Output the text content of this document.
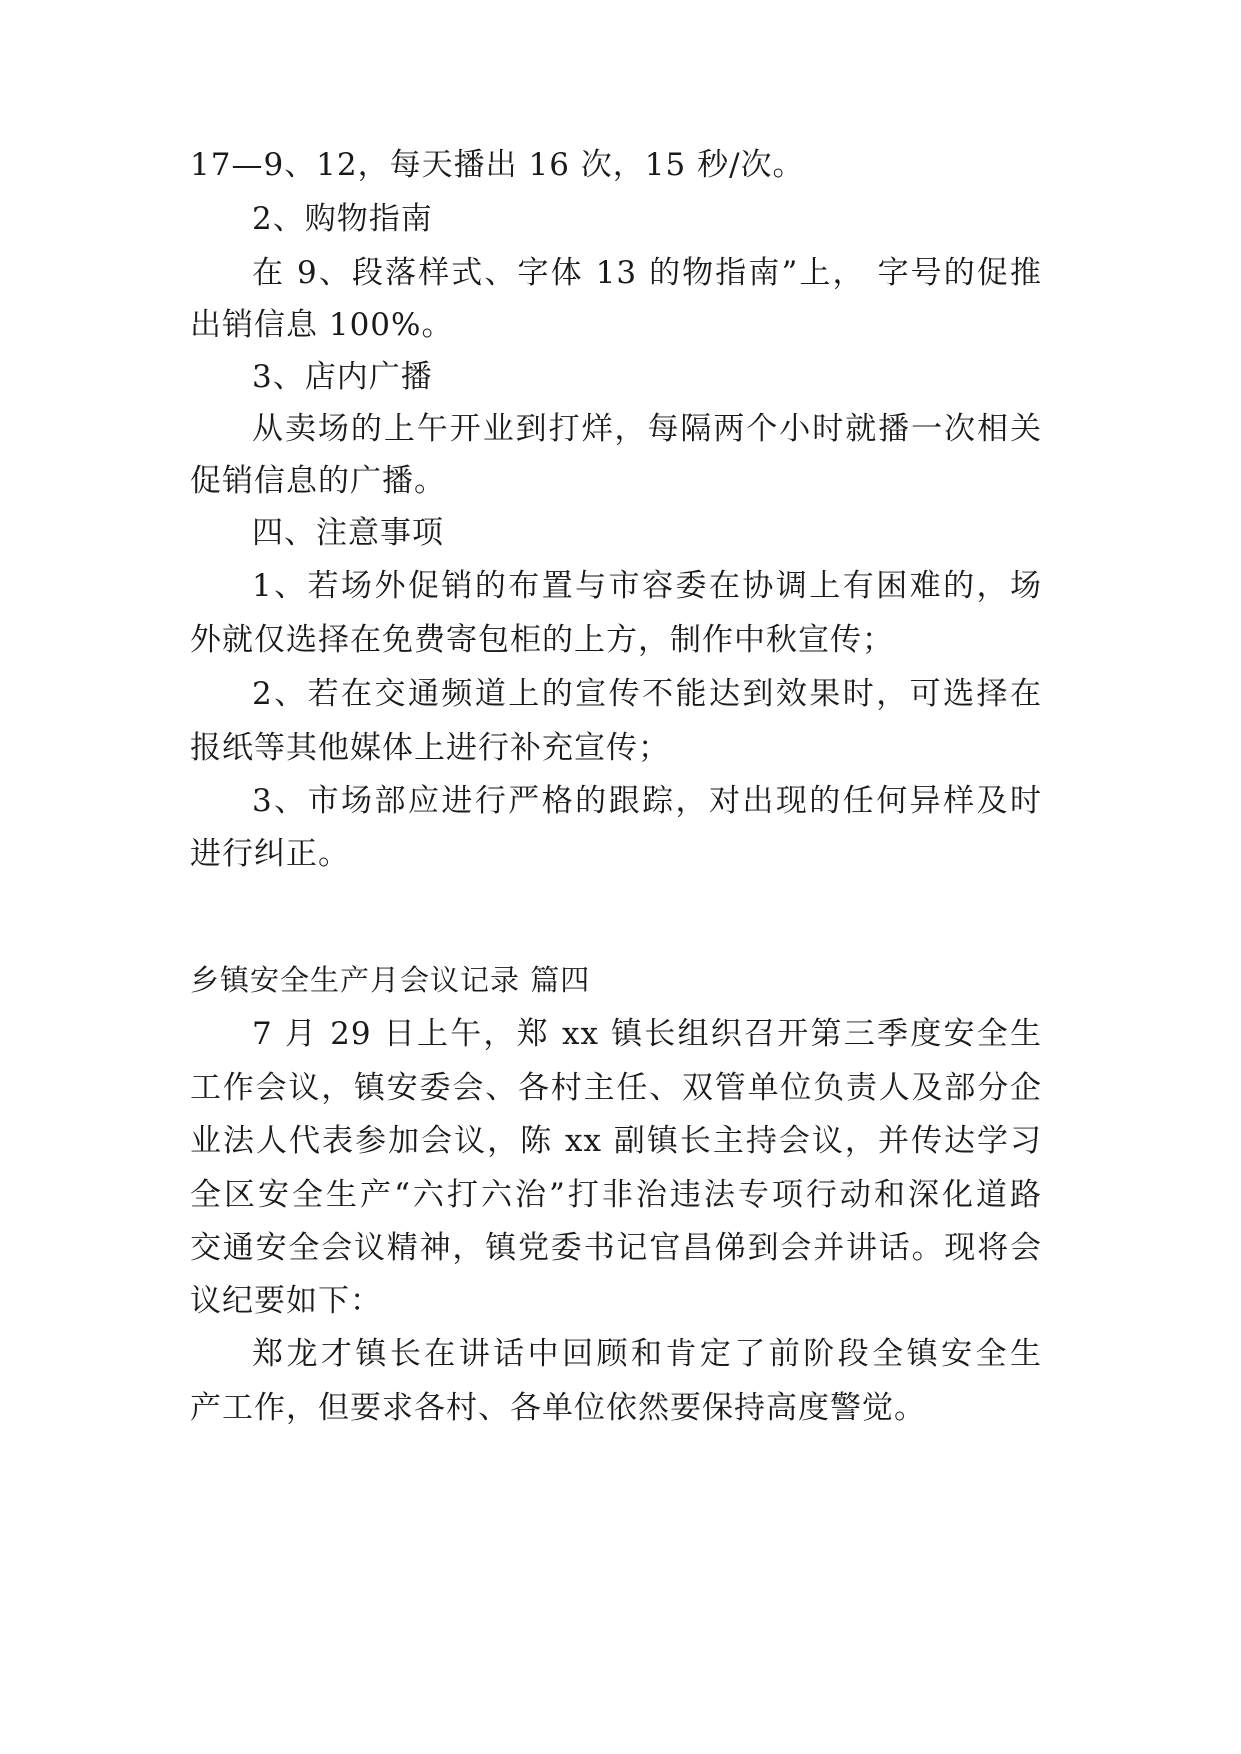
17—9、12，每天播出 16 次，15 秒/次。
2、购物指南
在 9、段落样式、字体 13 的物指南”上， 字号的促推
出销信息 100%。
3、店内广播
从卖场的上午开业到打烊，每隔两个小时就播一次相关
促销信息的广播。
四、注意事项
1、若场外促销的布置与市容委在协调上有困难的，场
外就仅选择在免费寄包柜的上方，制作中秋宣传；
2、若在交通频道上的宣传不能达到效果时，可选择在
报纸等其他媒体上进行补充宣传；
3、市场部应进行严格的跟踪，对出现的任何异样及时
进行纠正。
乡镇安全生产月会议记录 篇四
7 月 29 日上午，郑 xx 镇长组织召开第三季度安全生
工作会议，镇安委会、各村主任、双管单位负责人及部分企
业法人代表参加会议，陈 xx 副镇长主持会议，并传达学习
全区安全生产“六打六治”打非治违法专项行动和深化道路
交通安全会议精神，镇党委书记官昌俤到会并讲话。现将会
议纪要如下：
郑龙才镇长在讲话中回顾和肯定了前阶段全镇安全生
产工作，但要求各村、各单位依然要保持高度警觉。
